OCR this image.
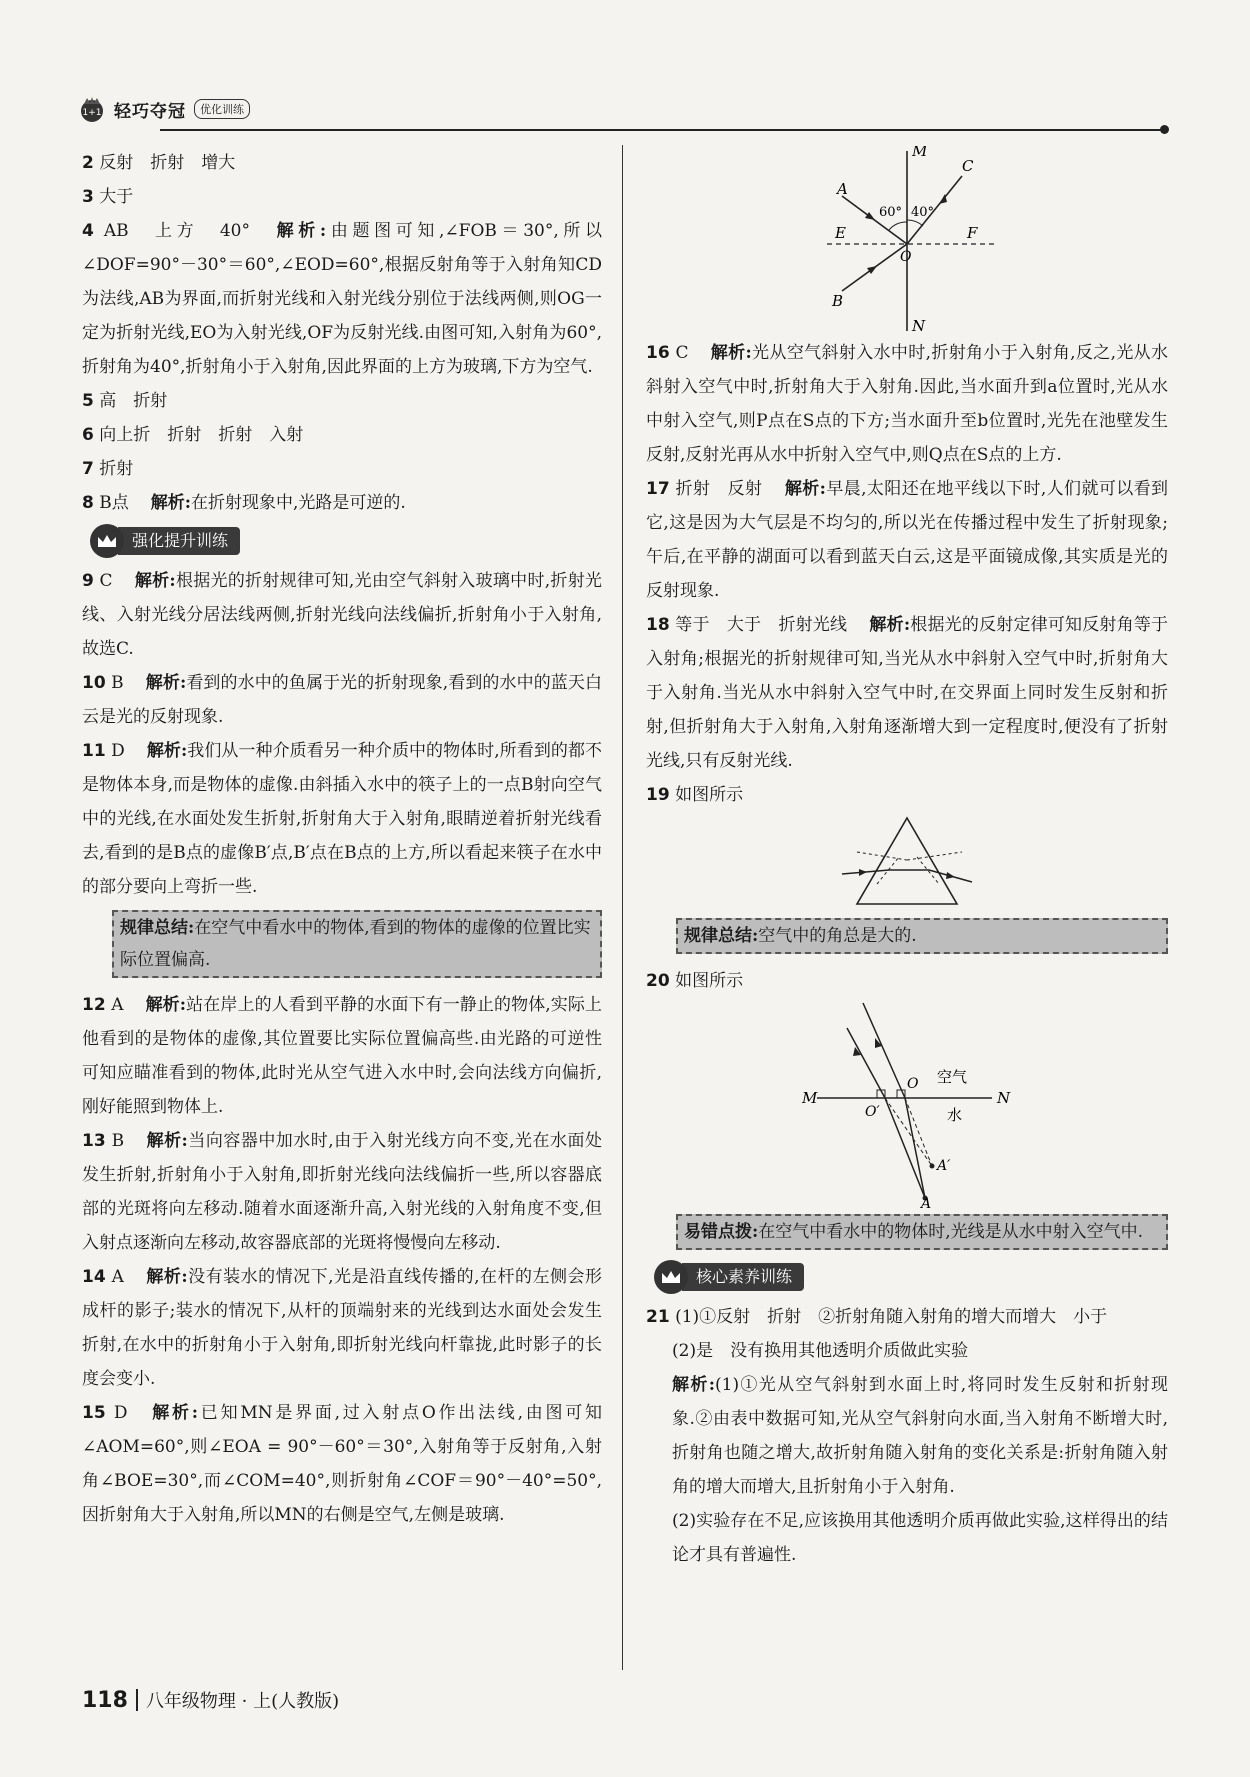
1+1 轻巧夺冠	优化训练

2 反射　折射　增大

3 大于

4 AB　上方　40° 解析:由题图可知,∠FOB＝30°,所以∠DOF=90°－30°＝60°,∠EOD=60°,根据反射角等于入射角知CD为法线,AB为界面,而折射光线和入射光线分别位于法线两侧,则OG一定为折射光线,EO为入射光线,OF为反射光线.由图可知,入射角为60°,折射角为40°,折射角小于入射角,因此界面的上方为玻璃,下方为空气.

5 高　折射

6 向上折　折射　折射　入射

7 折射

8 B点 解析:在折射现象中,光路是可逆的.

强化提升训练

9 C 解析:根据光的折射规律可知,光由空气斜射入玻璃中时,折射光线、入射光线分居法线两侧,折射光线向法线偏折,折射角小于入射角,故选C.

10 B 解析:看到的水中的鱼属于光的折射现象,看到的水中的蓝天白云是光的反射现象.

11 D 解析:我们从一种介质看另一种介质中的物体时,所看到的都不是物体本身,而是物体的虚像.由斜插入水中的筷子上的一点B射向空气中的光线,在水面处发生折射,折射角大于入射角,眼睛逆着折射光线看去,看到的是B点的虚像B′点,B′点在B点的上方,所以看起来筷子在水中的部分要向上弯折一些.

规律总结:在空气中看水中的物体,看到的物体的虚像的位置比实际位置偏高.

12 A 解析:站在岸上的人看到平静的水面下有一静止的物体,实际上他看到的是物体的虚像,其位置要比实际位置偏高些.由光路的可逆性可知应瞄准看到的物体,此时光从空气进入水中时,会向法线方向偏折,刚好能照到物体上.

13 B 解析:当向容器中加水时,由于入射光线方向不变,光在水面处发生折射,折射角小于入射角,即折射光线向法线偏折一些,所以容器底部的光斑将向左移动.随着水面逐渐升高,入射光线的入射角度不变,但入射点逐渐向左移动,故容器底部的光斑将慢慢向左移动.

14 A 解析:没有装水的情况下,光是沿直线传播的,在杆的左侧会形成杆的影子;装水的情况下,从杆的顶端射来的光线到达水面处会发生折射,在水中的折射角小于入射角,即折射光线向杆靠拢,此时影子的长度会变小.

15 D 解析:已知MN是界面,过入射点O作出法线,由图可知∠AOM=60°,则∠EOA = 90°－60°＝30°,入射角等于反射角,入射角∠BOE=30°,而∠COM=40°,则折射角∠COF＝90°－40°=50°,因折射角大于入射角,所以MN的右侧是空气,左侧是玻璃.

M
N
A
B
C
E	F
O
60° 40°

16 C 解析:光从空气斜射入水中时,折射角小于入射角,反之,光从水斜射入空气中时,折射角大于入射角.因此,当水面升到a位置时,光从水中射入空气,则P点在S点的下方;当水面升至b位置时,光先在池壁发生反射,反射光再从水中折射入空气中,则Q点在S点的上方.

17 折射　反射 解析:早晨,太阳还在地平线以下时,人们就可以看到它,这是因为大气层是不均匀的,所以光在传播过程中发生了折射现象;午后,在平静的湖面可以看到蓝天白云,这是平面镜成像,其实质是光的反射现象.

18 等于　大于　折射光线 解析:根据光的反射定律可知反射角等于入射角;根据光的折射规律可知,当光从水中斜射入空气中时,折射角大于入射角.当光从水中斜射入空气中时,在交界面上同时发生反射和折射,但折射角大于入射角,入射角逐渐增大到一定程度时,便没有了折射光线,只有反射光线.

19 如图所示

规律总结:空气中的角总是大的.

20 如图所示

M	N
O
O′
A′
A
空气
水
易错点拨:在空气中看水中的物体时,光线是从水中射入空气中.
核心素养训练

21 (1)①反射　折射　②折射角随入射角的增大而增大　小于

(2)是　没有换用其他透明介质做此实验

解析:(1)①光从空气斜射到水面上时,将同时发生反射和折射现象.②由表中数据可知,光从空气斜射向水面,当入射角不断增大时,折射角也随之增大,故折射角随入射角的变化关系是:折射角随入射角的增大而增大,且折射角小于入射角.

(2)实验存在不足,应该换用其他透明介质再做此实验,这样得出的结论才具有普遍性.

118 八年级物理 · 上(人教版)
